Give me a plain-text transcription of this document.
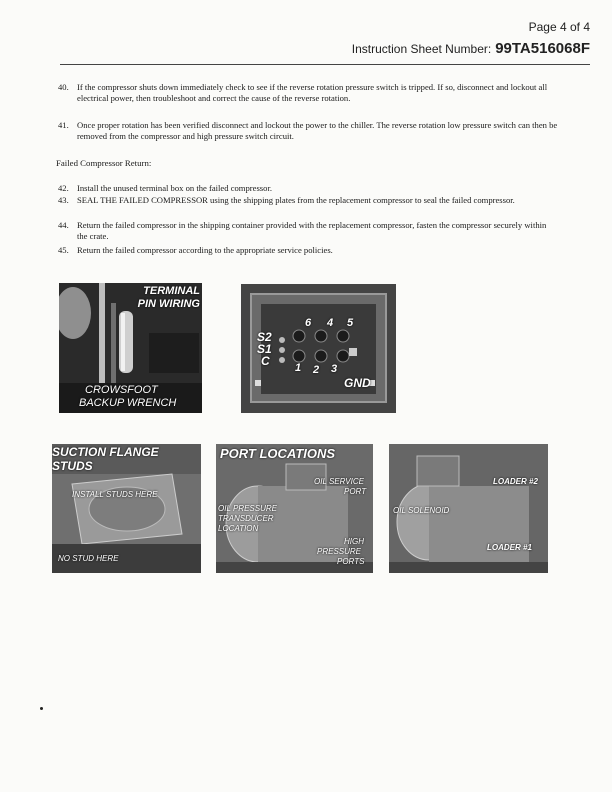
Page 4 of 4
Instruction Sheet Number: 99TA516068F
40. If the compressor shuts down immediately check to see if the reverse rotation pressure switch is tripped. If so, disconnect and lockout all electrical power, then troubleshoot and correct the cause of the reverse rotation.
41. Once proper rotation has been verified disconnect and lockout the power to the chiller. The reverse rotation low pressure switch can then be removed from the compressor and high pressure switch circuit.
Failed Compressor Return:
42. Install the unused terminal box on the failed compressor.
43. SEAL THE FAILED COMPRESSOR using the shipping plates from the replacement compressor to seal the failed compressor.
44. Return the failed compressor in the shipping container provided with the replacement compressor, fasten the compressor securely within the crate.
45. Return the failed compressor according to the appropriate service policies.
TERMINAL
PIN WIRING
CROWSFOOT
BACKUP WRENCH
S2
S1
C
6 4 5
1 2 3
GND
SUCTION FLANGE
STUDS
INSTALL STUDS HERE
NO STUD HERE
PORT LOCATIONS
OIL SERVICE
PORT
OIL PRESSURE
TRANSDUCER
LOCATION
HIGH
PRESSURE
PORTS
LOADER #2
OIL SOLENOID
LOADER #1
